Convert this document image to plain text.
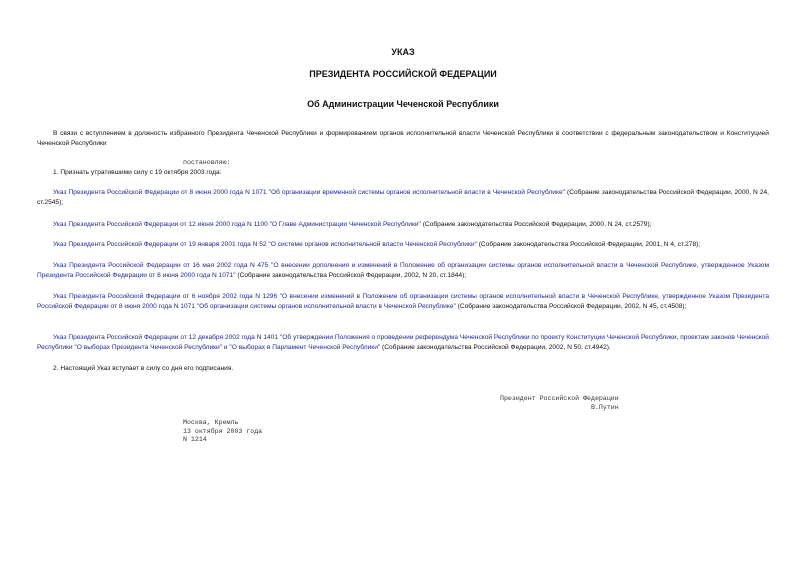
УКАЗ
ПРЕЗИДЕНТА РОССИЙСКОЙ ФЕДЕРАЦИИ
Об Администрации Чеченской Республики

В связи с вступлением в должность избранного Президента Чеченской Республики и формированием органов исполнительной власти Чеченской Республики в соответствии с федеральным законодательством и Конституцией Чеченской Республики

постановляю:

1. Признать утратившими силу с 19 октября 2003 года:

Указ Президента Российской Федерации от 8 июня 2000 года N 1071 "Об организации временной системы органов исполнительной власти в Чеченской Республике" (Собрание законодательства Российской Федерации, 2000, N 24, ст.2545);

Указ Президента Российской Федерации от 12 июня 2000 года N 1100 "О Главе Администрации Чеченской Республики" (Собрание законодательства Российской Федерации, 2000, N 24, ст.2579);

Указ Президента Российской Федерации от 19 января 2001 года N 52 "О системе органов исполнительной власти Чеченской Республики" (Собрание законодательства Российской Федерации, 2001, N 4, ст.278);

Указ Президента Российской Федерации от 16 мая 2002 года N 475 "О внесении дополнения и изменений в Положение об организации системы органов исполнительной власти в Чеченской Республике, утвержденное Указом Президента Российской Федерации от 8 июня 2000 года N 1071" (Собрание законодательства Российской Федерации, 2002, N 20, ст.1844);

Указ Президента Российской Федерации от 6 ноября 2002 года N 1296 "О внесении изменений в Положение об организации системы органов исполнительной власти в Чеченской Республике, утвержденное Указом Президента Российской Федерации от 8 июня 2000 года N 1071 "Об организации системы органов исполнительной власти в Чеченской Республике" (Собрание законодательства Российской Федерации, 2002, N 45, ст.4508);

Указ Президента Российской Федерации от 12 декабря 2002 года N 1401 "Об утверждении Положения о проведении референдума Чеченской Республики по проекту Конституции Чеченской Республики, проектам законов Чеченской Республики "О выборах Президента Чеченской Республики" и "О выборах в Парламент Чеченской Республики" (Собрание законодательства Российской Федерации, 2002, N 50, ст.4942).

2. Настоящий Указ вступает в силу со дня его подписания.

Президент Российской Федерации
В.Путин
Москва, Кремль
13 октября 2003 года
N 1214
